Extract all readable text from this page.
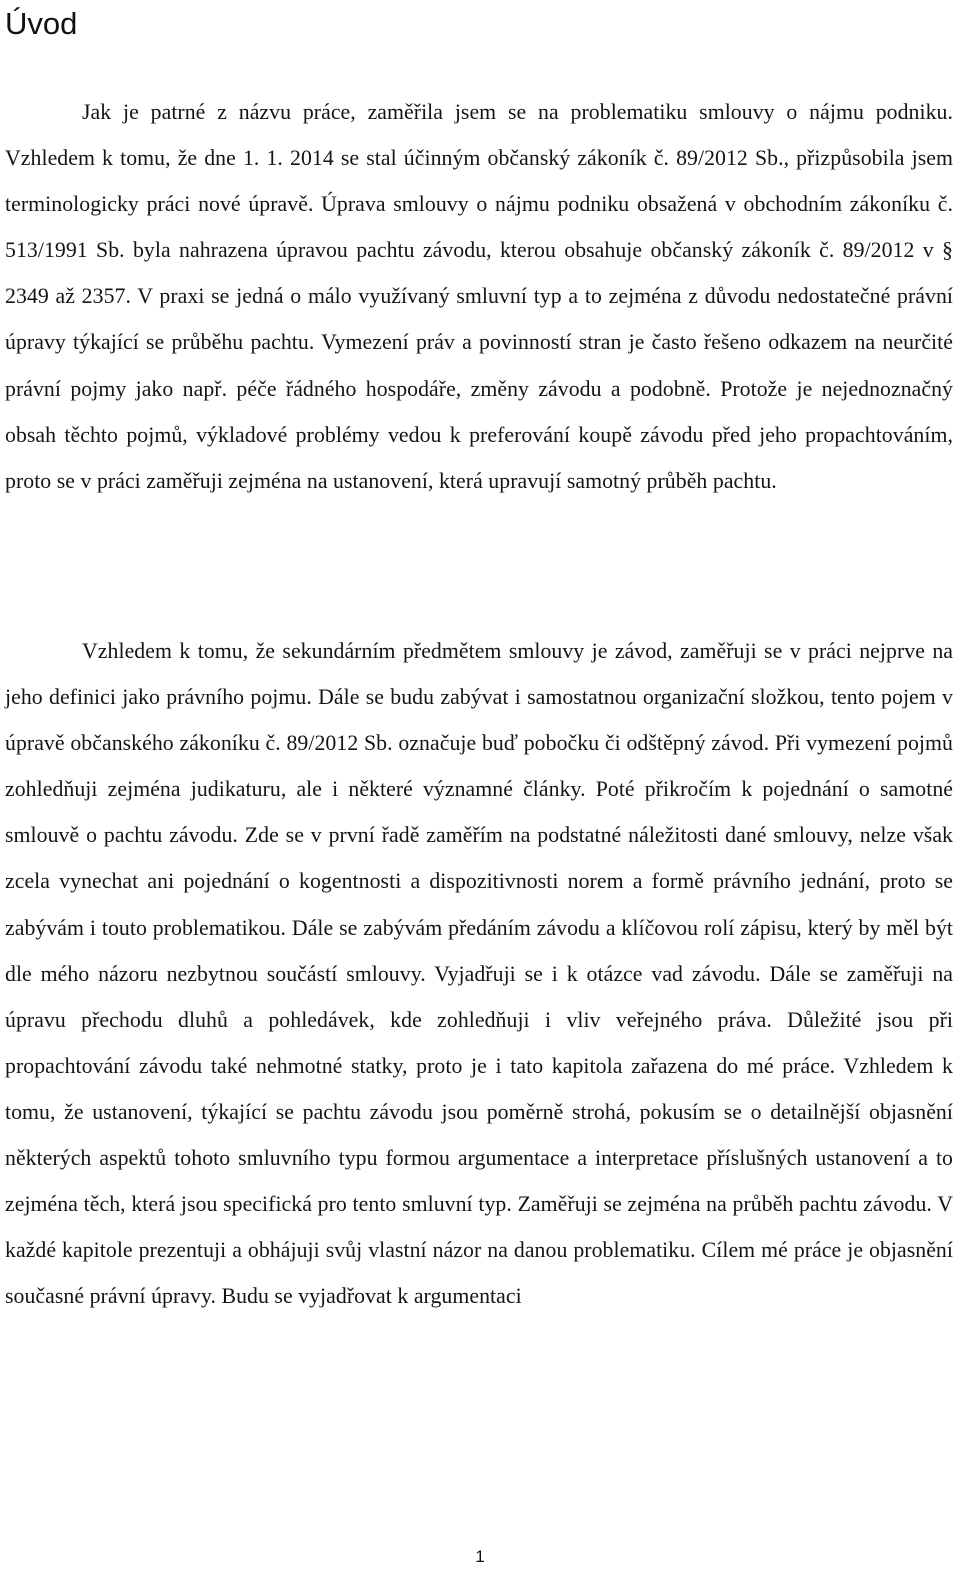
Úvod

Jak je patrné z názvu práce, zaměřila jsem se na problematiku smlouvy o nájmu podniku. Vzhledem k tomu, že dne 1. 1. 2014 se stal účinným občanský zákoník č. 89/2012 Sb., přizpůsobila jsem terminologicky práci nové úpravě. Úprava smlouvy o nájmu podniku obsažená v obchodním zákoníku č. 513/1991 Sb. byla nahrazena úpravou pachtu závodu, kterou obsahuje občanský zákoník č. 89/2012 v § 2349 až 2357. V praxi se jedná o málo využívaný smluvní typ a to zejména z důvodu nedostatečné právní úpravy týkající se průběhu pachtu. Vymezení práv a povinností stran je často řešeno odkazem na neurčité právní pojmy jako např. péče řádného hospodáře, změny závodu a podobně. Protože je nejednoznačný obsah těchto pojmů, výkladové problémy vedou k preferování koupě závodu před jeho propachtováním, proto se v práci zaměřuji zejména na ustanovení, která upravují samotný průběh pachtu.

Vzhledem k tomu, že sekundárním předmětem smlouvy je závod, zaměřuji se v práci nejprve na jeho definici jako právního pojmu. Dále se budu zabývat i samostatnou organizační složkou, tento pojem v úpravě občanského zákoníku č. 89/2012 Sb. označuje buď pobočku či odštěpný závod. Při vymezení pojmů zohledňuji zejména judikaturu, ale i některé významné články. Poté přikročím k pojednání o samotné smlouvě o pachtu závodu. Zde se v první řadě zaměřím na podstatné náležitosti dané smlouvy, nelze však zcela vynechat ani pojednání o kogentnosti a dispozitivnosti norem a formě právního jednání, proto se zabývám i touto problematikou. Dále se zabývám předáním závodu a klíčovou rolí zápisu, který by měl být dle mého názoru nezbytnou součástí smlouvy. Vyjadřuji se i k otázce vad závodu. Dále se zaměřuji na úpravu přechodu dluhů a pohledávek, kde zohledňuji i vliv veřejného práva. Důležité jsou při propachtování závodu také nehmotné statky, proto je i tato kapitola zařazena do mé práce. Vzhledem k tomu, že ustanovení, týkající se pachtu závodu jsou poměrně strohá, pokusím se o detailnější objasnění některých aspektů tohoto smluvního typu formou argumentace a interpretace příslušných ustanovení a to zejména těch, která jsou specifická pro tento smluvní typ. Zaměřuji se zejména na průběh pachtu závodu. V každé kapitole prezentuji a obhájuji svůj vlastní názor na danou problematiku. Cílem mé práce je objasnění současné právní úpravy. Budu se vyjadřovat k argumentaci

1
